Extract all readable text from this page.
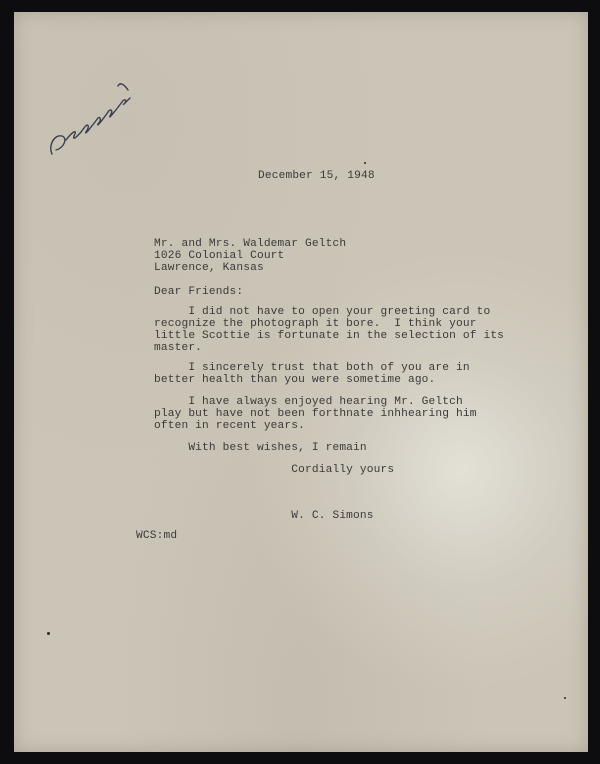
December 15, 1948
Mr. and Mrs. Waldemar Geltch
1026 Colonial Court
Lawrence, Kansas
Dear Friends:
I did not have to open your greeting card to
recognize the photograph it bore.  I think your
little Scottie is fortunate in the selection of its
master.
I sincerely trust that both of you are in
better health than you were sometime ago.
I have always enjoyed hearing Mr. Geltch
play but have not been forthnate inhhearing him
often in recent years.
With best wishes, I remain
Cordially yours
W. C. Simons
WCS:md
